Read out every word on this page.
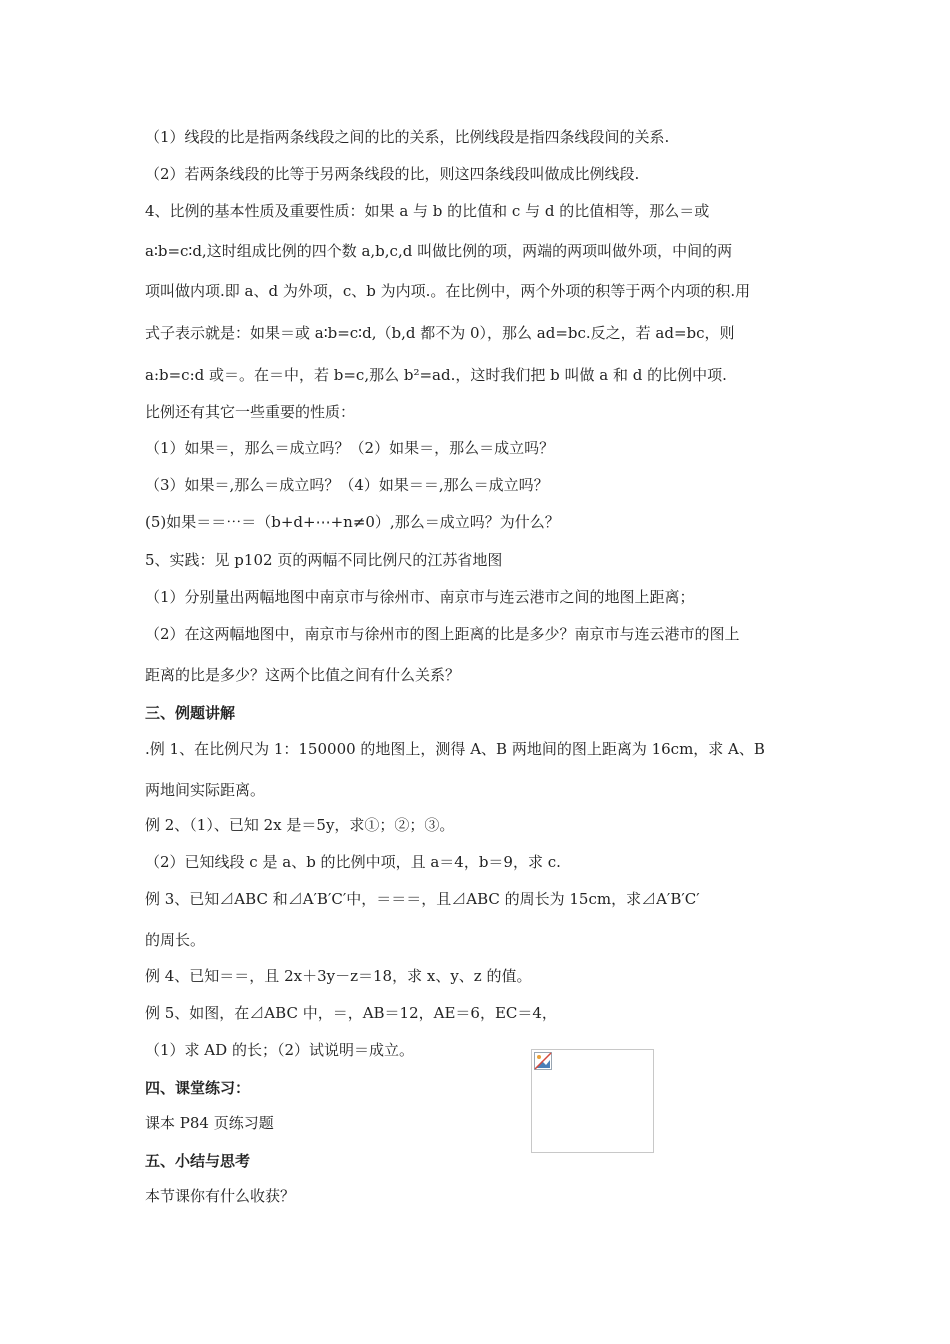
（1）线段的比是指两条线段之间的比的关系，比例线段是指四条线段间的关系.
（2）若两条线段的比等于另两条线段的比，则这四条线段叫做成比例线段.
4、比例的基本性质及重要性质：如果 a 与 b 的比值和 c 与 d 的比值相等，那么＝或
a∶b=c∶d,这时组成比例的四个数 a,b,c,d 叫做比例的项，两端的两项叫做外项，中间的两
项叫做内项.即 a、d 为外项，c、b 为内项.。在比例中，两个外项的积等于两个内项的积.用
式子表示就是：如果＝或 a∶b=c∶d,（b,d 都不为 0），那么 ad=bc.反之，若 ad=bc，则
a:b=c:d 或＝。在＝中，若 b=c,那么 b²=ad.，这时我们把 b 叫做 a 和 d 的比例中项.
比例还有其它一些重要的性质：
（1）如果＝，那么＝成立吗？（2）如果＝，那么＝成立吗？
（3）如果＝,那么＝成立吗？（4）如果＝＝,那么＝成立吗？
(5)如果＝＝⋯＝（b+d+⋯+n≠0）,那么＝成立吗？为什么？
5、实践：见 p102 页的两幅不同比例尺的江苏省地图
（1）分别量出两幅地图中南京市与徐州市、南京市与连云港市之间的地图上距离；
（2）在这两幅地图中，南京市与徐州市的图上距离的比是多少？南京市与连云港市的图上
距离的比是多少？这两个比值之间有什么关系？
三、例题讲解
.例 1、在比例尺为 1：150000 的地图上，测得 A、B 两地间的图上距离为 16cm，求 A、B
两地间实际距离。
例 2、（1）、已知 2x 是＝5y，求①；②；③。
（2）已知线段 c 是 a、b 的比例中项，且 a＝4，b＝9，求 c.
例 3、已知⊿ABC 和⊿A′B′C′中，＝＝＝，且⊿ABC 的周长为 15cm，求⊿A′B′C′
的周长。
例 4、已知＝＝，且 2x＋3y－z＝18，求 x、y、z 的值。
例 5、如图，在⊿ABC 中，＝，AB＝12，AE＝6，EC＝4，
（1）求 AD 的长；（2）试说明＝成立。
四、课堂练习：
课本 P84 页练习题
五、小结与思考
本节课你有什么收获？
